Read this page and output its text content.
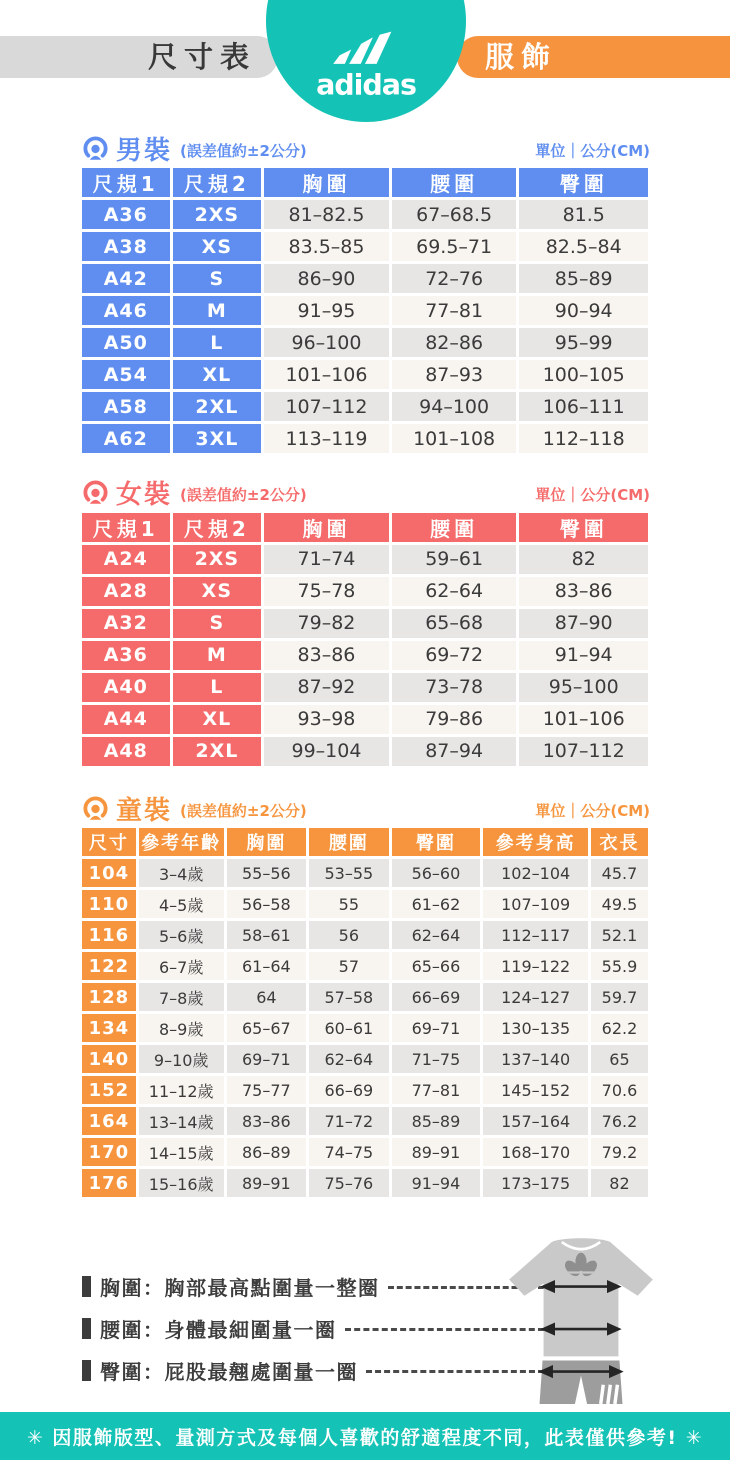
尺寸表
adidas
服飾
男裝 (誤差值約±2公分)	單位｜公分(CM)
尺規1	尺規2	胸圍	腰圍	臀圍
A36	2XS	81–82.5	67–68.5	81.5
A38	XS	83.5–85	69.5–71	82.5–84
A42	S	86–90	72–76	85–89
A46	M	91–95	77–81	90–94
A50	L	96–100	82–86	95–99
A54	XL	101–106	87–93	100–105
A58	2XL	107–112	94–100	106–111
A62	3XL	113–119	101–108	112–118
女裝 (誤差值約±2公分)	單位｜公分(CM)
尺規1	尺規2	胸圍	腰圍	臀圍
A24	2XS	71–74	59–61	82
A28	XS	75–78	62–64	83–86
A32	S	79–82	65–68	87–90
A36	M	83–86	69–72	91–94
A40	L	87–92	73–78	95–100
A44	XL	93–98	79–86	101–106
A48	2XL	99–104	87–94	107–112
童裝 (誤差值約±2公分)	單位｜公分(CM)
尺寸	參考年齡	胸圍	腰圍	臀圍	參考身高	衣長
104	3–4歲	55–56	53–55	56–60	102–104	45.7
110	4–5歲	56–58	55	61–62	107–109	49.5
116	5–6歲	58–61	56	62–64	112–117	52.1
122	6–7歲	61–64	57	65–66	119–122	55.9
128	7–8歲	64	57–58	66–69	124–127	59.7
134	8–9歲	65–67	60–61	69–71	130–135	62.2
140	9–10歲	69–71	62–64	71–75	137–140	65
152	11–12歲	75–77	66–69	77–81	145–152	70.6
164	13–14歲	83–86	71–72	85–89	157–164	76.2
170	14–15歲	86–89	74–75	89–91	168–170	79.2
176	15–16歲	89–91	75–76	91–94	173–175	82
胸圍：胸部最高點圍量一整圈
腰圍：身體最細圍量一圈
臀圍：屁股最翹處圍量一圈
✳ 因服飾版型、量測方式及每個人喜歡的舒適程度不同，此表僅供參考! ✳
